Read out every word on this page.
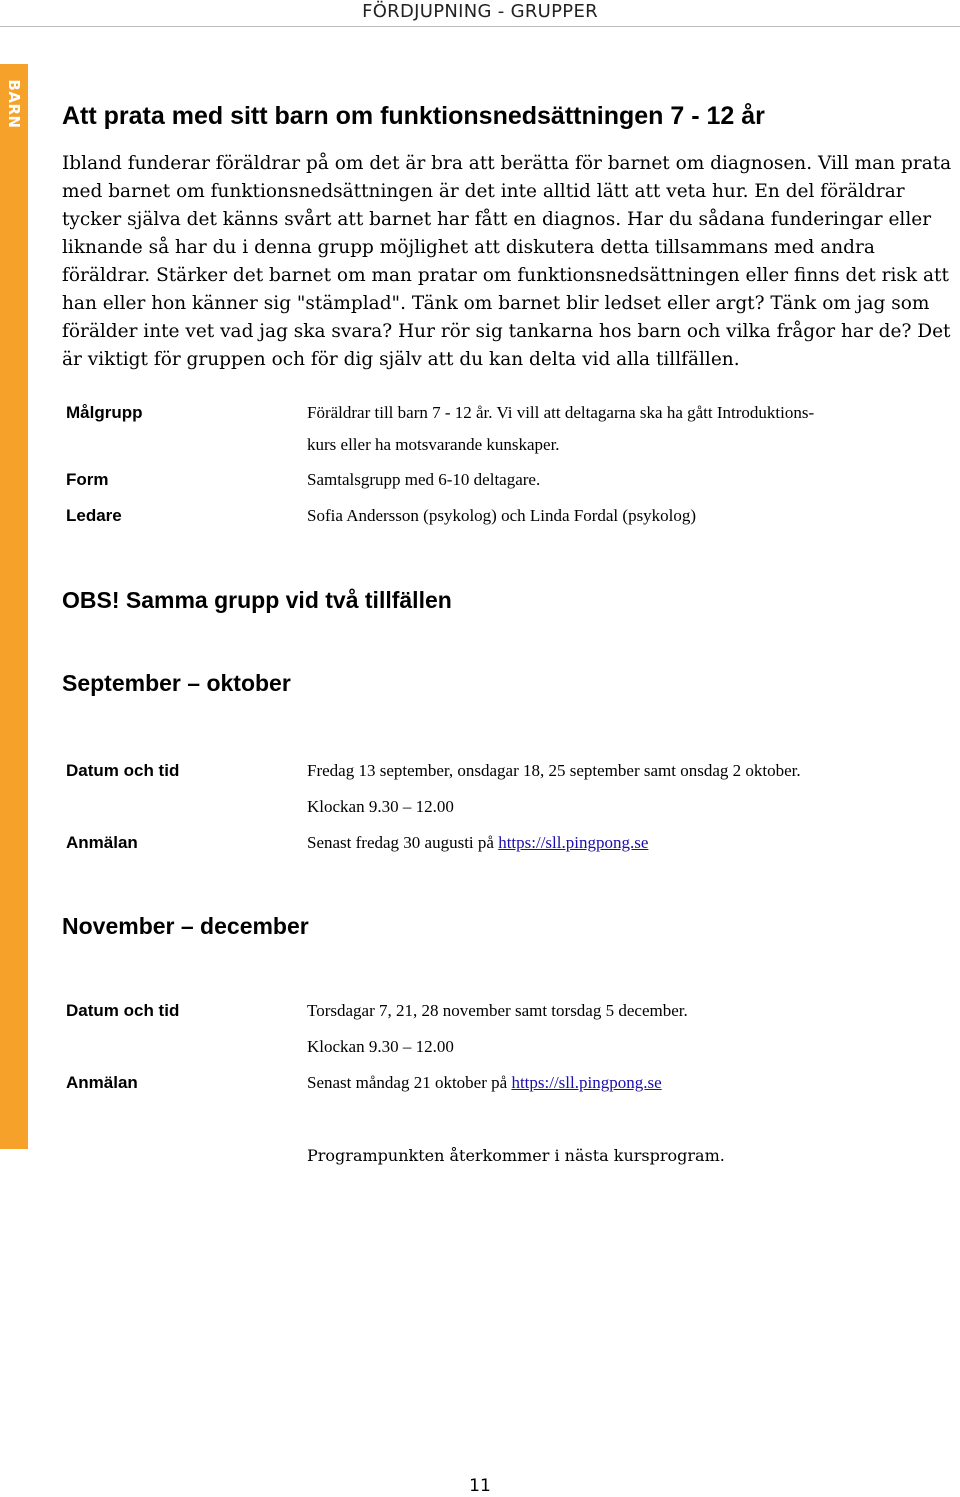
FÖRDJUPNING - GRUPPER
BARN Att prata med sitt barn om funktionsnedsättningen 7 - 12 år

Ibland funderar föräldrar på om det är bra att berätta för barnet om diagnosen. Vill man prata med barnet om funktionsnedsättningen är det inte alltid lätt att veta hur. En del föräldrar tycker själva det känns svårt att barnet har fått en diagnos. Har du sådana funderingar eller liknande så har du i denna grupp möjlighet att diskutera detta tillsammans med andra föräldrar. Stärker det barnet om man pratar om funktionsnedsättningen eller finns det risk att han eller hon känner sig "stämplad". Tänk om barnet blir ledset eller argt? Tänk om jag som förälder inte vet vad jag ska svara? Hur rör sig tankarna hos barn och vilka frågor har de? Det är viktigt för gruppen och för dig själv att du kan delta vid alla tillfällen.

Målgrupp	Föräldrar till barn 7 - 12 år. Vi vill att deltagarna ska ha gått Introduktions-
kurs eller ha motsvarande kunskaper.
Form	Samtalsgrupp med 6-10 deltagare.
Ledare	Sofia Andersson (psykolog) och Linda Fordal (psykolog)
OBS! Samma grupp vid två tillfällen
September – oktober
Datum och tid	Fredag 13 september, onsdagar 18, 25 september samt onsdag 2 oktober.
Klockan 9.30 – 12.00
Anmälan	Senast fredag 30 augusti på https://sll.pingpong.se
November – december
Datum och tid	Torsdagar 7, 21, 28 november samt torsdag 5 december.
Klockan 9.30 – 12.00
Anmälan	Senast måndag 21 oktober på https://sll.pingpong.se
Programpunkten återkommer i nästa kursprogram.
11
